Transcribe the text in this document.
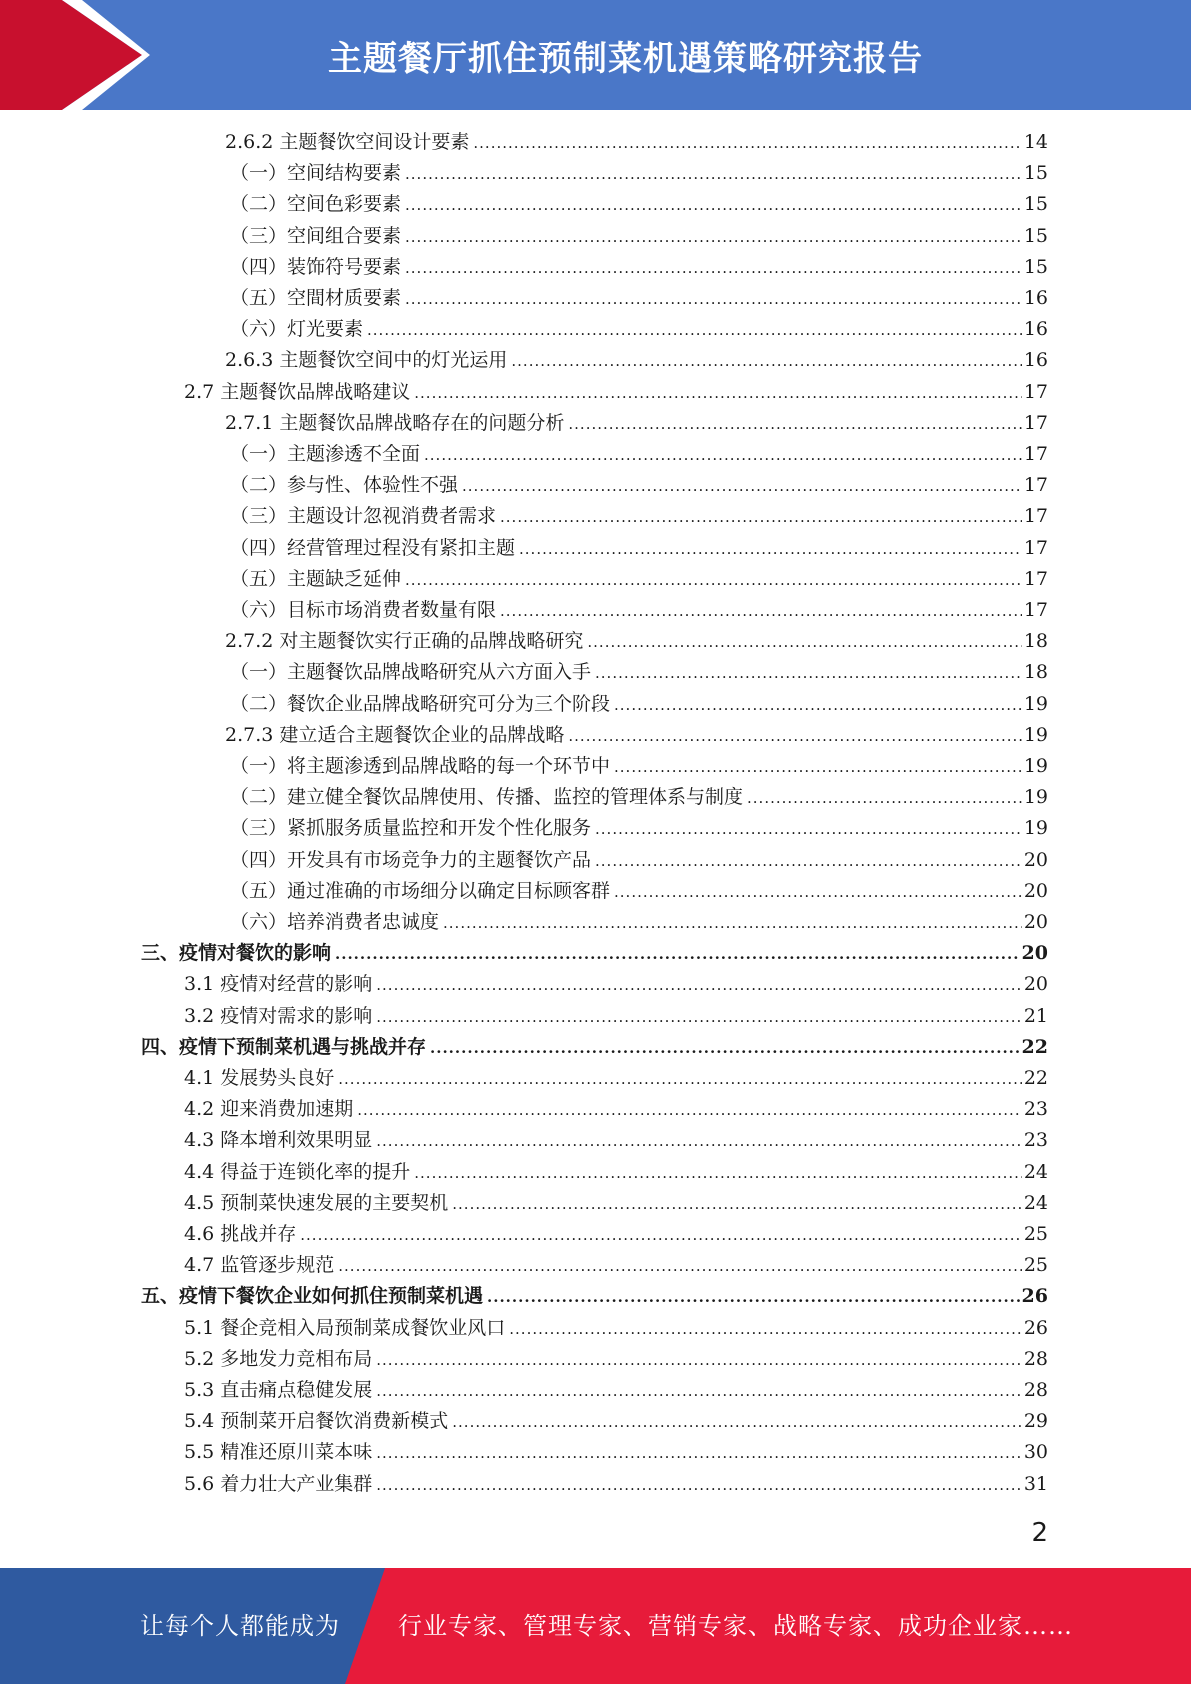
主题餐厅抓住预制菜机遇策略研究报告
2.6.2 主题餐饮空间设计要素 .....	14
（一）空间结构要素 .....	15
（二）空间色彩要素 .....	15
（三）空间组合要素 .....	15
（四）装饰符号要素 .....	15
（五）空間材质要素 .....	16
（六）灯光要素 .....	16
2.6.3 主题餐饮空间中的灯光运用 .....	16
2.7 主题餐饮品牌战略建议 .....	17
2.7.1 主题餐饮品牌战略存在的问题分析 .....	17
（一）主题渗透不全面 .....	17
（二）参与性、体验性不强 .....	17
（三）主题设计忽视消费者需求 .....	17
（四）经营管理过程没有紧扣主题 .....	17
（五）主题缺乏延伸 .....	17
（六）目标市场消费者数量有限 .....	17
2.7.2 对主题餐饮实行正确的品牌战略研究 .....	18
（一）主题餐饮品牌战略研究从六方面入手 .....	18
（二）餐饮企业品牌战略研究可分为三个阶段 .....	19
2.7.3 建立适合主题餐饮企业的品牌战略 .....	19
（一）将主题渗透到品牌战略的每一个环节中 .....	19
（二）建立健全餐饮品牌使用、传播、监控的管理体系与制度 .....	19
（三）紧抓服务质量监控和开发个性化服务 .....	19
（四）开发具有市场竞争力的主题餐饮产品 .....	20
（五）通过准确的市场细分以确定目标顾客群 .....	20
（六）培养消费者忠诚度 .....	20
三、疫情对餐饮的影响 .....	20
3.1 疫情对经营的影响 .....	20
3.2 疫情对需求的影响 .....	21
四、疫情下预制菜机遇与挑战并存 .....	22
4.1 发展势头良好 .....	22
4.2 迎来消费加速期 .....	23
4.3 降本增利效果明显 .....	23
4.4 得益于连锁化率的提升 .....	24
4.5 预制菜快速发展的主要契机 .....	24
4.6 挑战并存 .....	25
4.7 监管逐步规范 .....	25
五、疫情下餐饮企业如何抓住预制菜机遇 .....	26
5.1 餐企竞相入局预制菜成餐饮业风口 .....	26
5.2 多地发力竞相布局 .....	28
5.3 直击痛点稳健发展 .....	28
5.4 预制菜开启餐饮消费新模式 .....	29
5.5 精准还原川菜本味 .....	30
5.6 着力壮大产业集群 .....	31
2
让每个人都能成为 行业专家、管理专家、营销专家、战略专家、成功企业家……
